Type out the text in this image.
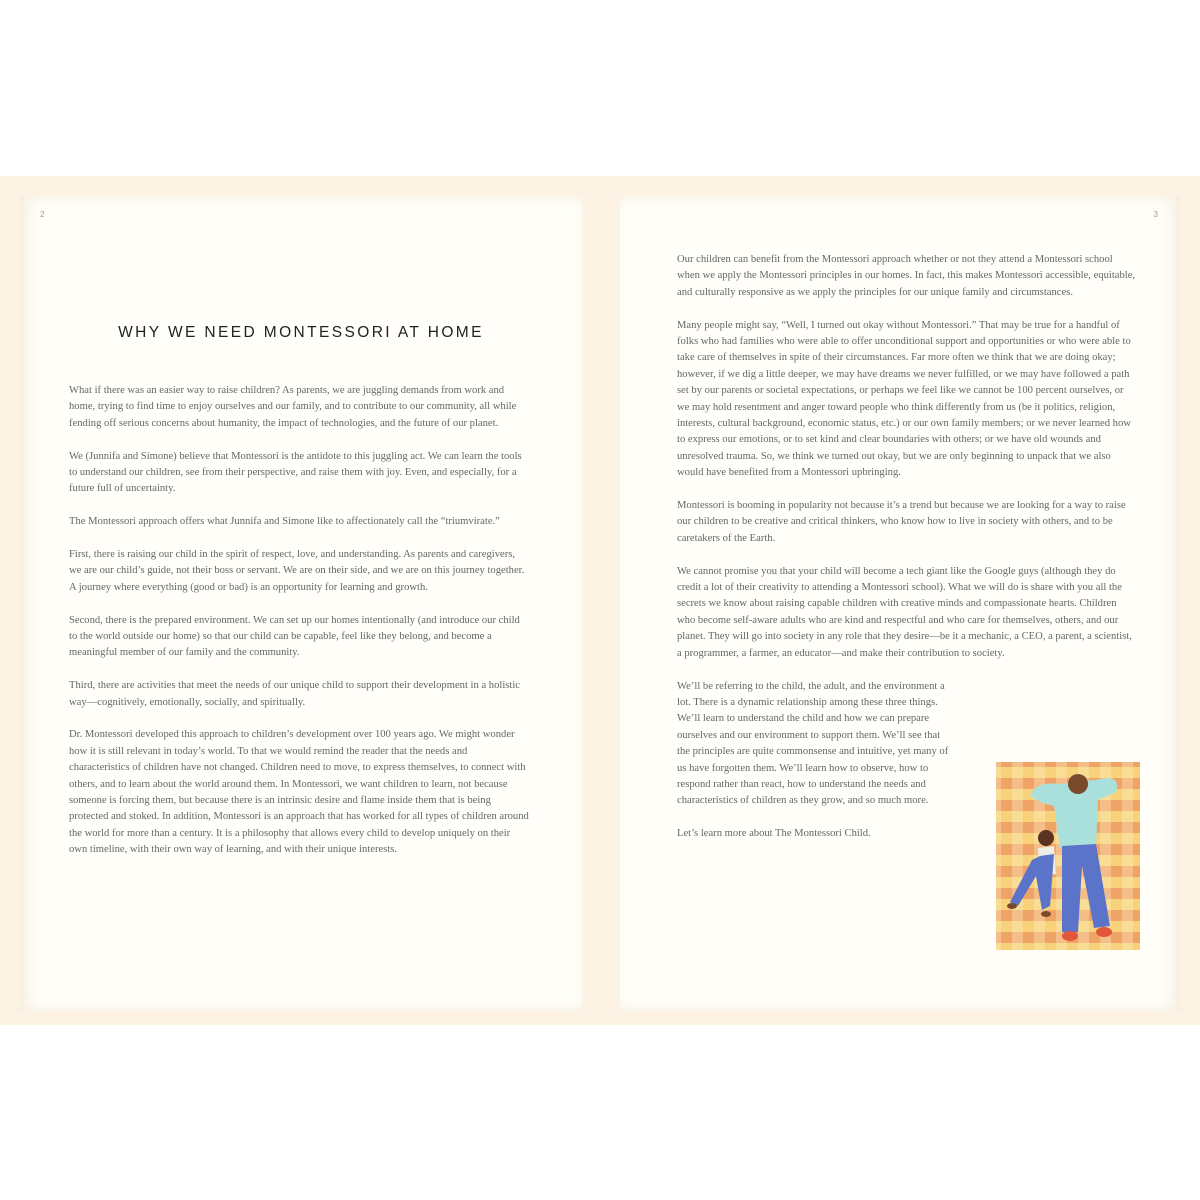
2
WHY WE NEED MONTESSORI AT HOME

What if there was an easier way to raise children? As parents, we are juggling demands from work and home, trying to find time to enjoy ourselves and our family, and to contribute to our community, all while fending off serious concerns about humanity, the impact of technologies, and the future of our planet.

We (Junnifa and Simone) believe that Montessori is the antidote to this juggling act. We can learn the tools to understand our children, see from their perspective, and raise them with joy. Even, and especially, for a future full of uncertainty.

The Montessori approach offers what Junnifa and Simone like to affectionately call the “triumvirate.”

First, there is raising our child in the spirit of respect, love, and understanding. As parents and caregivers, we are our child’s guide, not their boss or servant. We are on their side, and we are on this journey together. A journey where everything (good or bad) is an opportunity for learning and growth.

Second, there is the prepared environment. We can set up our homes intentionally (and introduce our child to the world outside our home) so that our child can be capable, feel like they belong, and become a meaningful member of our family and the community.

Third, there are activities that meet the needs of our unique child to support their development in a holistic way—cognitively, emotionally, socially, and spiritually.

Dr. Montessori developed this approach to children’s development over 100 years ago. We might wonder how it is still relevant in today’s world. To that we would remind the reader that the needs and characteristics of children have not changed. Children need to move, to express themselves, to connect with others, and to learn about the world around them. In Montessori, we want children to learn, not because someone is forcing them, but because there is an intrinsic desire and flame inside them that is being protected and stoked. In addition, Montessori is an approach that has worked for all types of children around the world for more than a century. It is a philosophy that allows every child to develop uniquely on their own timeline, with their own way of learning, and with their unique interests.

3

Our children can benefit from the Montessori approach whether or not they attend a Montessori school when we apply the Montessori principles in our homes. In fact, this makes Montessori accessible, equitable, and culturally responsive as we apply the principles for our unique family and circumstances.

Many people might say, “Well, I turned out okay without Montessori.” That may be true for a handful of folks who had families who were able to offer unconditional support and opportunities or who were able to take care of themselves in spite of their circumstances. Far more often we think that we are doing okay; however, if we dig a little deeper, we may have dreams we never fulfilled, or we may have followed a path set by our parents or societal expectations, or perhaps we feel like we cannot be 100 percent ourselves, or we may hold resentment and anger toward people who think differently from us (be it politics, religion, interests, cultural background, economic status, etc.) or our own family members; or we never learned how to express our emotions, or to set kind and clear boundaries with others; or we have old wounds and unresolved trauma. So, we think we turned out okay, but we are only beginning to unpack that we also would have benefited from a Montessori upbringing.

Montessori is booming in popularity not because it’s a trend but because we are looking for a way to raise our children to be creative and critical thinkers, who know how to live in society with others, and to be caretakers of the Earth.

We cannot promise you that your child will become a tech giant like the Google guys (although they do credit a lot of their creativity to attending a Montessori school). What we will do is share with you all the secrets we know about raising capable children with creative minds and compassionate hearts. Children who become self-aware adults who are kind and respectful and who care for themselves, others, and our planet. They will go into society in any role that they desire—be it a mechanic, a CEO, a parent, a scientist, a programmer, a farmer, an educator—and make their contribution to society.

We’ll be referring to the child, the adult, and the environment a lot. There is a dynamic relationship among these three things. We’ll learn to understand the child and how we can prepare ourselves and our environment to support them. We’ll see that the principles are quite commonsense and intuitive, yet many of us have forgotten them. We’ll learn how to observe, how to respond rather than react, how to understand the needs and characteristics of children as they grow, and so much more.

Let’s learn more about The Montessori Child.
